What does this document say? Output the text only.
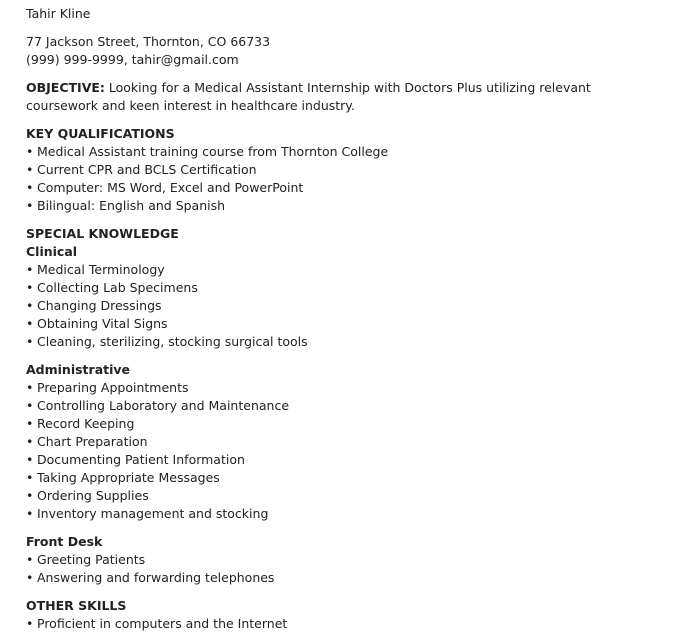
Tahir Kline
77 Jackson Street, Thornton, CO 66733
(999) 999-9999, tahir@gmail.com
OBJECTIVE: Looking for a Medical Assistant Internship with Doctors Plus utilizing relevant coursework and keen interest in healthcare industry.
KEY QUALIFICATIONS
• Medical Assistant training course from Thornton College
• Current CPR and BCLS Certification
• Computer: MS Word, Excel and PowerPoint
• Bilingual: English and Spanish
SPECIAL KNOWLEDGE
Clinical
• Medical Terminology
• Collecting Lab Specimens
• Changing Dressings
• Obtaining Vital Signs
• Cleaning, sterilizing, stocking surgical tools
Administrative
• Preparing Appointments
• Controlling Laboratory and Maintenance
• Record Keeping
• Chart Preparation
• Documenting Patient Information
• Taking Appropriate Messages
• Ordering Supplies
• Inventory management and stocking
Front Desk
• Greeting Patients
• Answering and forwarding telephones
OTHER SKILLS
• Proficient in computers and the Internet
